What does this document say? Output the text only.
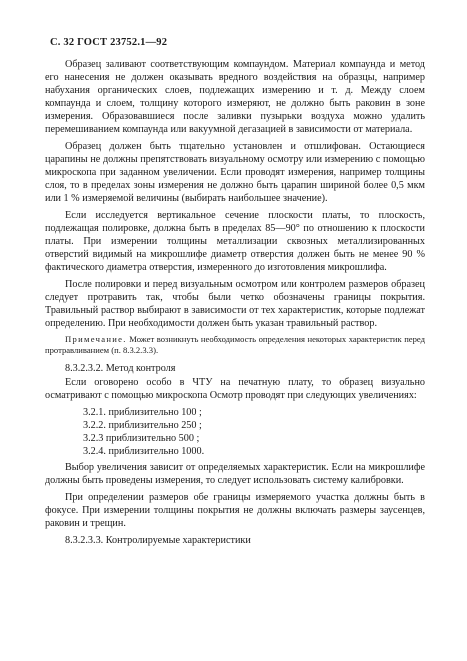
С. 32 ГОСТ 23752.1—92

Образец заливают соответствующим компаундом. Материал компаунда и метод его нанесения не должен оказывать вредного воздействия на образцы, например набухания органических слоев, подлежащих измерению и т. д. Между слоем компаунда и слоем, толщину которого измеряют, не должно быть раковин в зоне измерения. Образовавшиеся после заливки пузырьки воздуха можно удалить перемешиванием компаунда или вакуумной дегазацией в зависимости от материала.

Образец должен быть тщательно установлен и отшлифован. Остающиеся царапины не должны препятствовать визуальному осмотру или измерению с помощью микроскопа при заданном увеличении. Если проводят измерения, например толщины слоя, то в пределах зоны измерения не должно быть царапин шириной более 0,5 мкм или 1 % измеряемой величины (выбирать наибольшее значение).

Если исследуется вертикальное сечение плоскости платы, то плоскость, подлежащая полировке, должна быть в пределах 85—90° по отношению к плоскости платы. При измерении толщины металлизации сквозных металлизированных отверстий видимый на микрошлифе диаметр отверстия должен быть не менее 90 % фактического диаметра отверстия, измеренного до изготовления микрошлифа.

После полировки и перед визуальным осмотром или контролем размеров образец следует протравить так, чтобы были четко обозначены границы покрытия. Травильный раствор выбирают в зависимости от тех характеристик, которые подлежат определению. При необходимости должен быть указан травильный раствор.

Примечание. Может возникнуть необходимость определения некоторых характеристик перед протравливанием (п. 8.3.2.3.3).

8.3.2.3.2. Метод контроля

Если оговорено особо в ЧТУ на печатную плату, то образец визуально осматривают с помощью микроскопа Осмотр проводят при следующих увеличениях:

3.2.1. приблизительно 100 ;
3.2.2. приблизительно 250 ;
3.2.3 приблизительно 500 ;
3.2.4. приблизительно 1000.

Выбор увеличения зависит от определяемых характеристик. Если на микрошлифе должны быть проведены измерения, то следует использовать систему калибровки.

При определении размеров обе границы измеряемого участка должны быть в фокусе. При измерении толщины покрытия не должны включать размеры заусенцев, раковин и трещин.

8.3.2.3.3. Контролируемые характеристики
